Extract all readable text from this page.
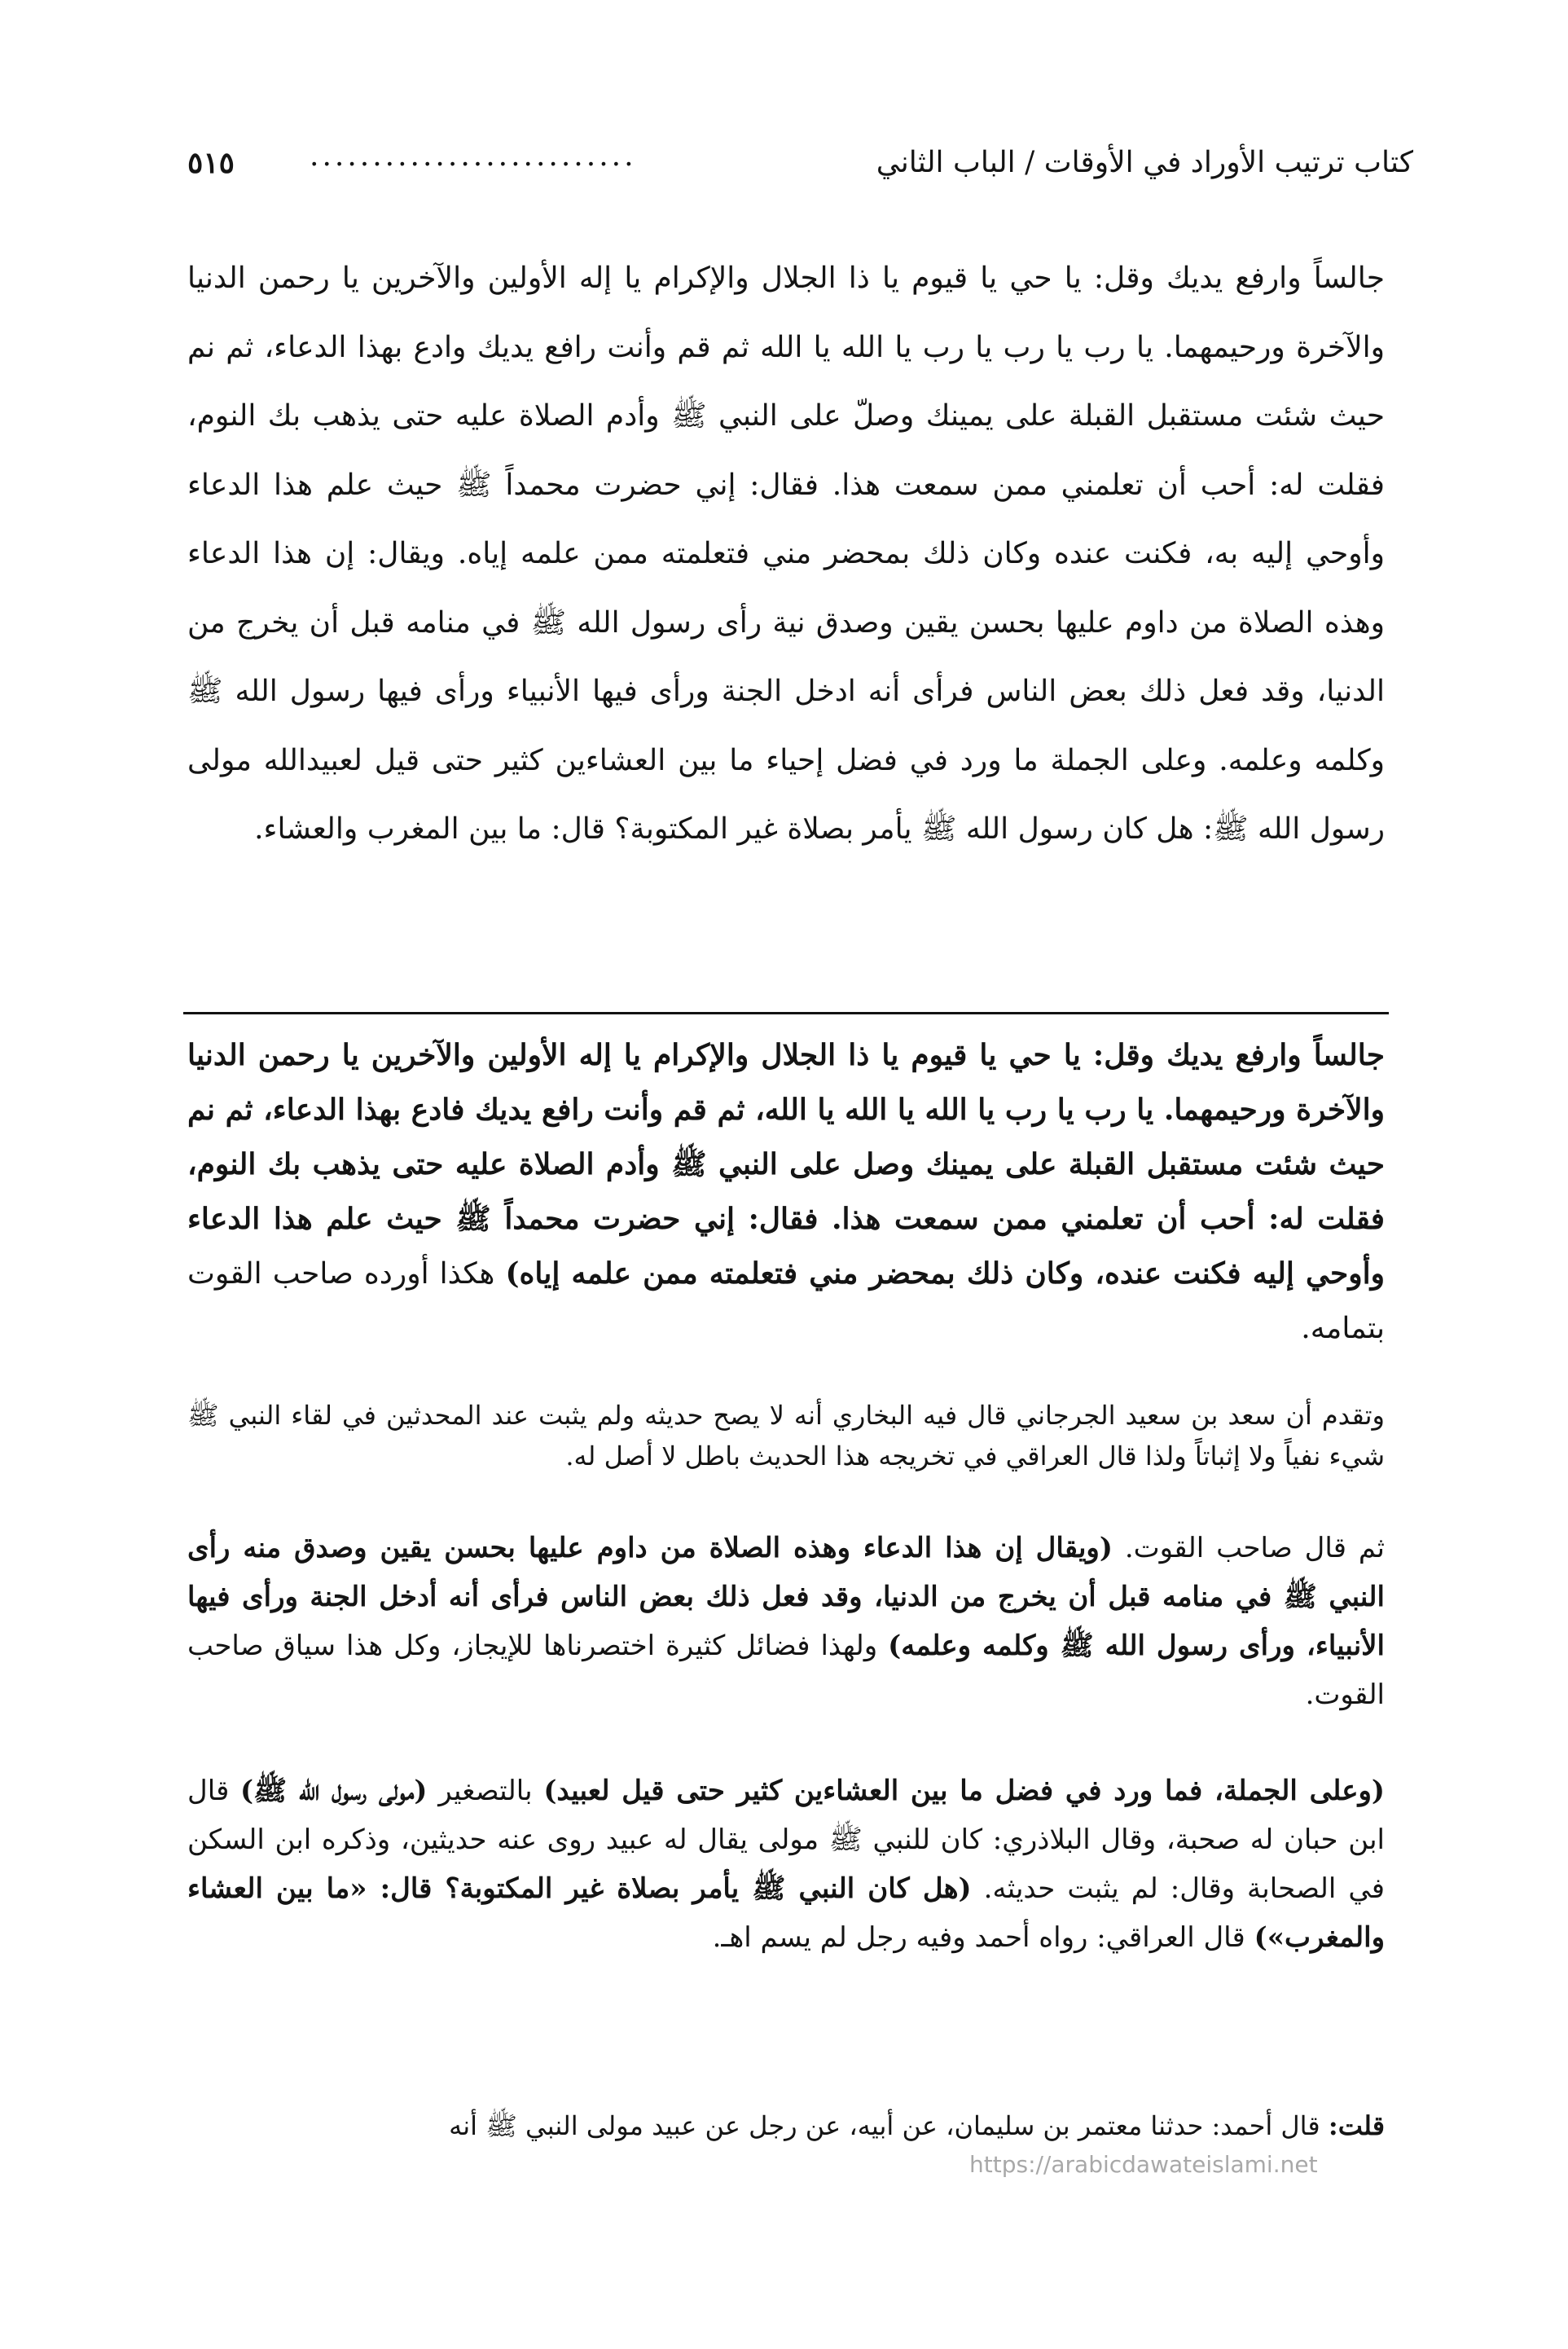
كتاب ترتيب الأوراد في الأوقات / الباب الثاني
..........................
٥١٥
جالساً وارفع يديك وقل: يا حي يا قيوم يا ذا الجلال والإكرام يا إله الأولين والآخرين يا رحمن الدنيا والآخرة ورحيمهما. يا رب يا رب يا رب يا الله يا الله ثم قم وأنت رافع يديك وادع بهذا الدعاء، ثم نم حيث شئت مستقبل القبلة على يمينك وصلّ على النبي ﷺ وأدم الصلاة عليه حتى يذهب بك النوم، فقلت له: أحب أن تعلمني ممن سمعت هذا. فقال: إني حضرت محمداً ﷺ حيث علم هذا الدعاء وأوحي إليه به، فكنت عنده وكان ذلك بمحضر مني فتعلمته ممن علمه إياه. ويقال: إن هذا الدعاء وهذه الصلاة من داوم عليها بحسن يقين وصدق نية رأى رسول الله ﷺ في منامه قبل أن يخرج من الدنيا، وقد فعل ذلك بعض الناس فرأى أنه ادخل الجنة ورأى فيها الأنبياء ورأى فيها رسول الله ﷺ وكلمه وعلمه. وعلى الجملة ما ورد في فضل إحياء ما بين العشاءين كثير حتى قيل لعبيدالله مولى رسول الله ﷺ: هل كان رسول الله ﷺ يأمر بصلاة غير المكتوبة؟ قال: ما بين المغرب والعشاء.
جالساً وارفع يديك وقل: يا حي يا قيوم يا ذا الجلال والإكرام يا إله الأولين والآخرين يا رحمن الدنيا والآخرة ورحيمهما. يا رب يا رب يا الله يا الله يا الله، ثم قم وأنت رافع يديك فادع بهذا الدعاء، ثم نم حيث شئت مستقبل القبلة على يمينك وصل على النبي ﷺ وأدم الصلاة عليه حتى يذهب بك النوم، فقلت له: أحب أن تعلمني ممن سمعت هذا. فقال: إني حضرت محمداً ﷺ حيث علم هذا الدعاء وأوحي إليه فكنت عنده، وكان ذلك بمحضر مني فتعلمته ممن علمه إياه) هكذا أورده صاحب القوت بتمامه.
وتقدم أن سعد بن سعيد الجرجاني قال فيه البخاري أنه لا يصح حديثه ولم يثبت عند المحدثين في لقاء النبي ﷺ شيء نفياً ولا إثباتاً ولذا قال العراقي في تخريجه هذا الحديث باطل لا أصل له.
ثم قال صاحب القوت. (ويقال إن هذا الدعاء وهذه الصلاة من داوم عليها بحسن يقين وصدق منه رأى النبي ﷺ في منامه قبل أن يخرج من الدنيا، وقد فعل ذلك بعض الناس فرأى أنه أدخل الجنة ورأى فيها الأنبياء، ورأى رسول الله ﷺ وكلمه وعلمه) ولهذا فضائل كثيرة اختصرناها للإيجاز، وكل هذا سياق صاحب القوت.
(وعلى الجملة، فما ورد في فضل ما بين العشاءين كثير حتى قيل لعبيد) بالتصغير (مولى رسول الله ﷺ) قال ابن حبان له صحبة، وقال البلاذري: كان للنبي ﷺ مولى يقال له عبيد روى عنه حديثين، وذكره ابن السكن في الصحابة وقال: لم يثبت حديثه. (هل كان النبي ﷺ يأمر بصلاة غير المكتوبة؟ قال: «ما بين العشاء والمغرب») قال العراقي: رواه أحمد وفيه رجل لم يسم اهـ.
قلت: قال أحمد: حدثنا معتمر بن سليمان، عن أبيه، عن رجل عن عبيد مولى النبي ﷺ أنه
https://arabicdawateislami.net
